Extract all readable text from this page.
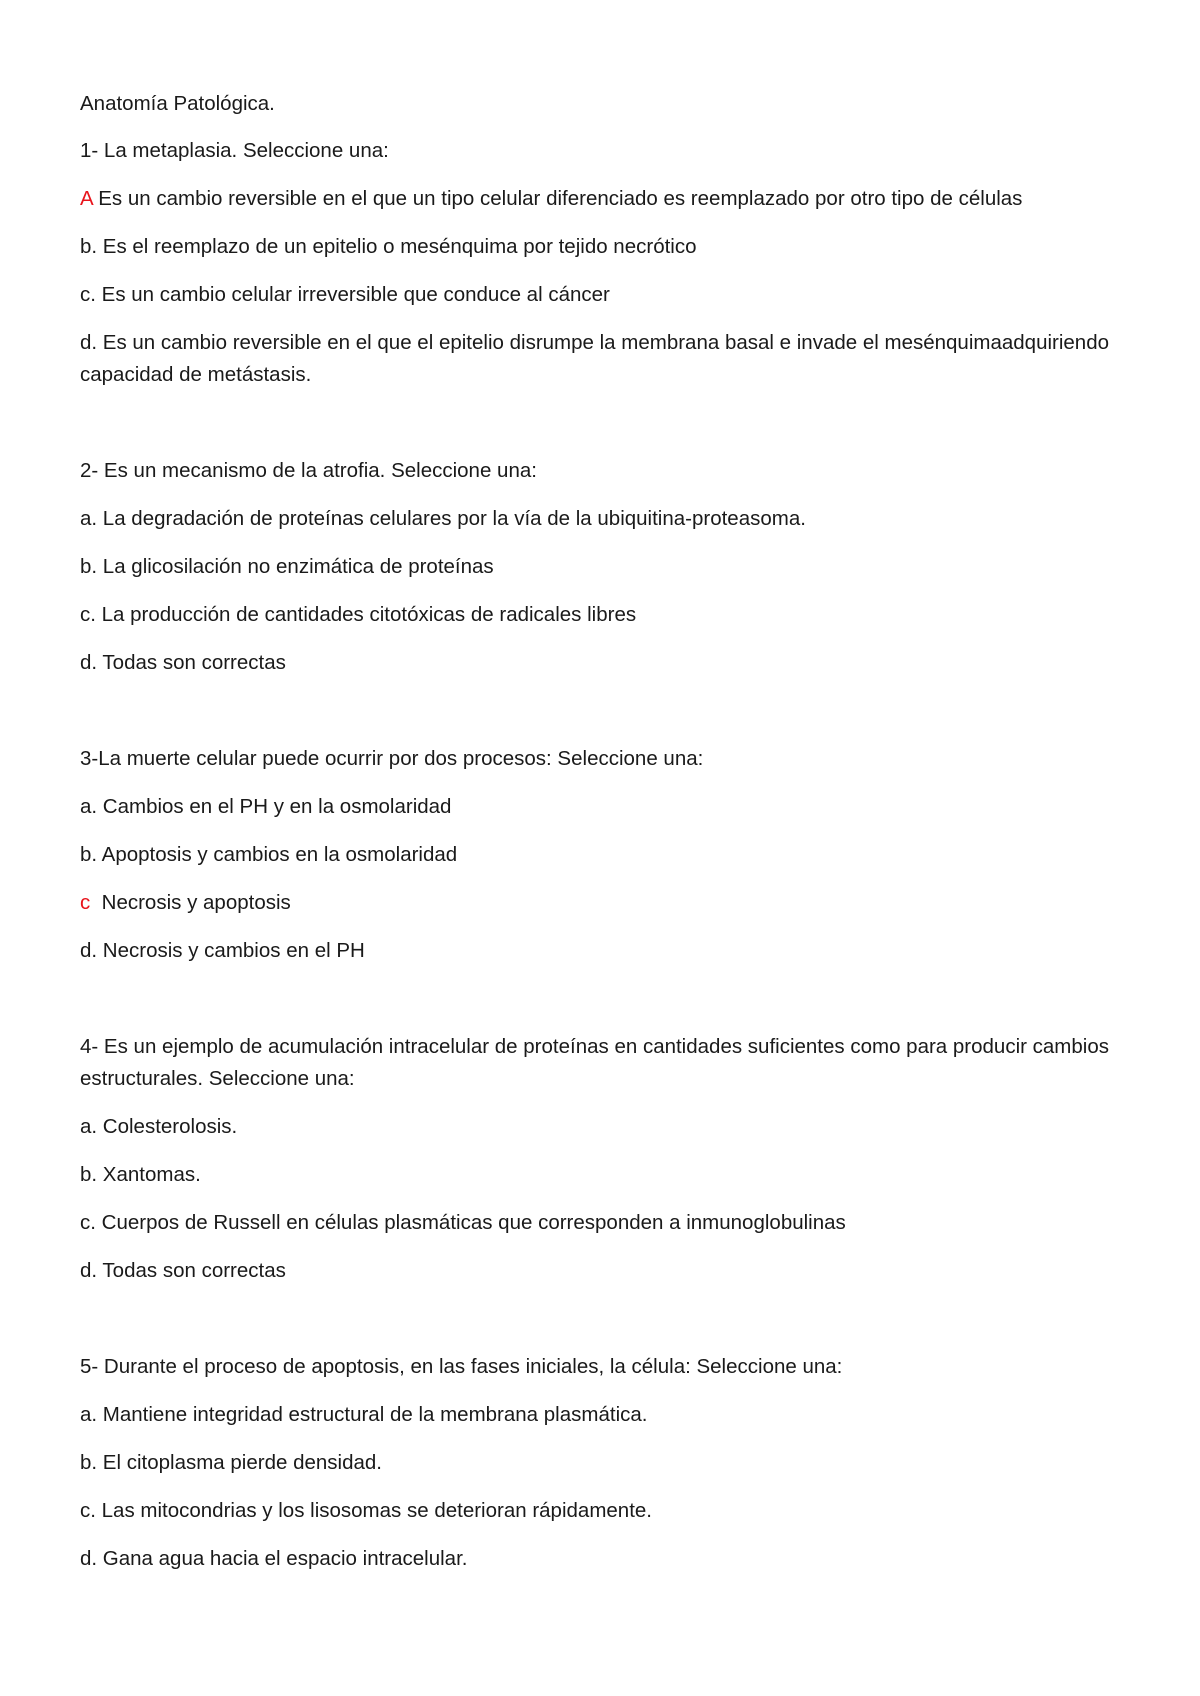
Anatomía Patológica.

1- La metaplasia. Seleccione una:

A Es un cambio reversible en el que un tipo celular diferenciado es reemplazado por otro tipo de células

b. Es el reemplazo de un epitelio o mesénquima por tejido necrótico

c. Es un cambio celular irreversible que conduce al cáncer

d. Es un cambio reversible en el que el epitelio disrumpe la membrana basal e invade el mesénquimaadquiriendo capacidad de metástasis.

2- Es un mecanismo de la atrofia. Seleccione una:

a. La degradación de proteínas celulares por la vía de la ubiquitina-proteasoma.

b. La glicosilación no enzimática de proteínas

c. La producción de cantidades citotóxicas de radicales libres

d. Todas son correctas

3-La muerte celular puede ocurrir por dos procesos: Seleccione una:

a. Cambios en el PH y en la osmolaridad

b. Apoptosis y cambios en la osmolaridad

c  Necrosis y apoptosis

d. Necrosis y cambios en el PH

4- Es un ejemplo de acumulación intracelular de proteínas en cantidades suficientes como para producir cambios estructurales. Seleccione una:

a. Colesterolosis.

b. Xantomas.

c. Cuerpos de Russell en células plasmáticas que corresponden a inmunoglobulinas

d. Todas son correctas

5- Durante el proceso de apoptosis, en las fases iniciales, la célula: Seleccione una:

a. Mantiene integridad estructural de la membrana plasmática.

b. El citoplasma pierde densidad.

c. Las mitocondrias y los lisosomas se deterioran rápidamente.

d. Gana agua hacia el espacio intracelular.
